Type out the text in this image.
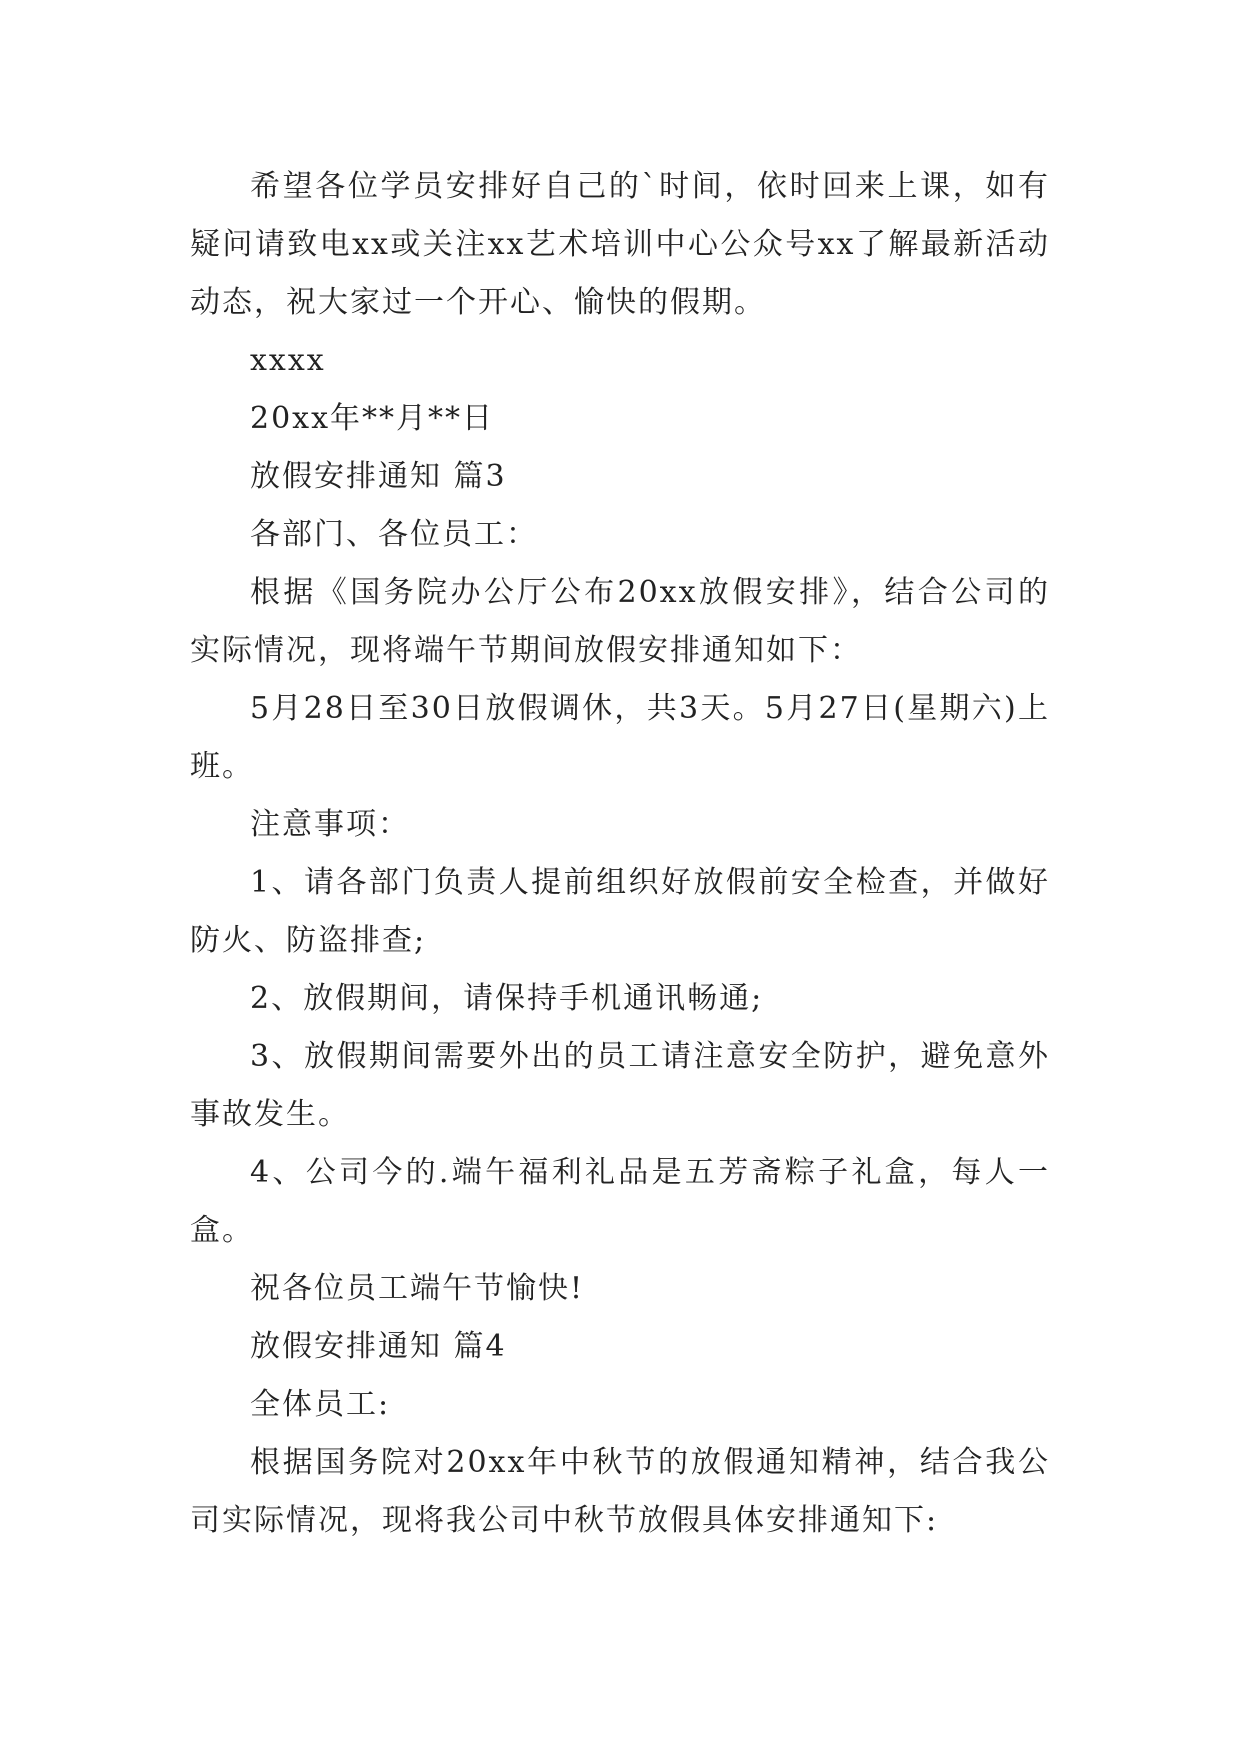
希望各位学员安排好自己的`时间，依时回来上课，如有疑问请致电xx或关注xx艺术培训中心公众号xx了解最新活动动态，祝大家过一个开心、愉快的假期。

xxxx

20xx年**月**日

放假安排通知 篇3

各部门、各位员工：

根据《国务院办公厅公布20xx放假安排》，结合公司的实际情况，现将端午节期间放假安排通知如下：

5月28日至30日放假调休，共3天。5月27日(星期六)上班。

注意事项：

1、请各部门负责人提前组织好放假前安全检查，并做好防火、防盗排查;

2、放假期间，请保持手机通讯畅通;

3、放假期间需要外出的员工请注意安全防护，避免意外事故发生。

4、公司今的.端午福利礼品是五芳斋粽子礼盒，每人一盒。

祝各位员工端午节愉快!

放假安排通知 篇4

全体员工:

根据国务院对20xx年中秋节的放假通知精神，结合我公司实际情况，现将我公司中秋节放假具体安排通知下:
